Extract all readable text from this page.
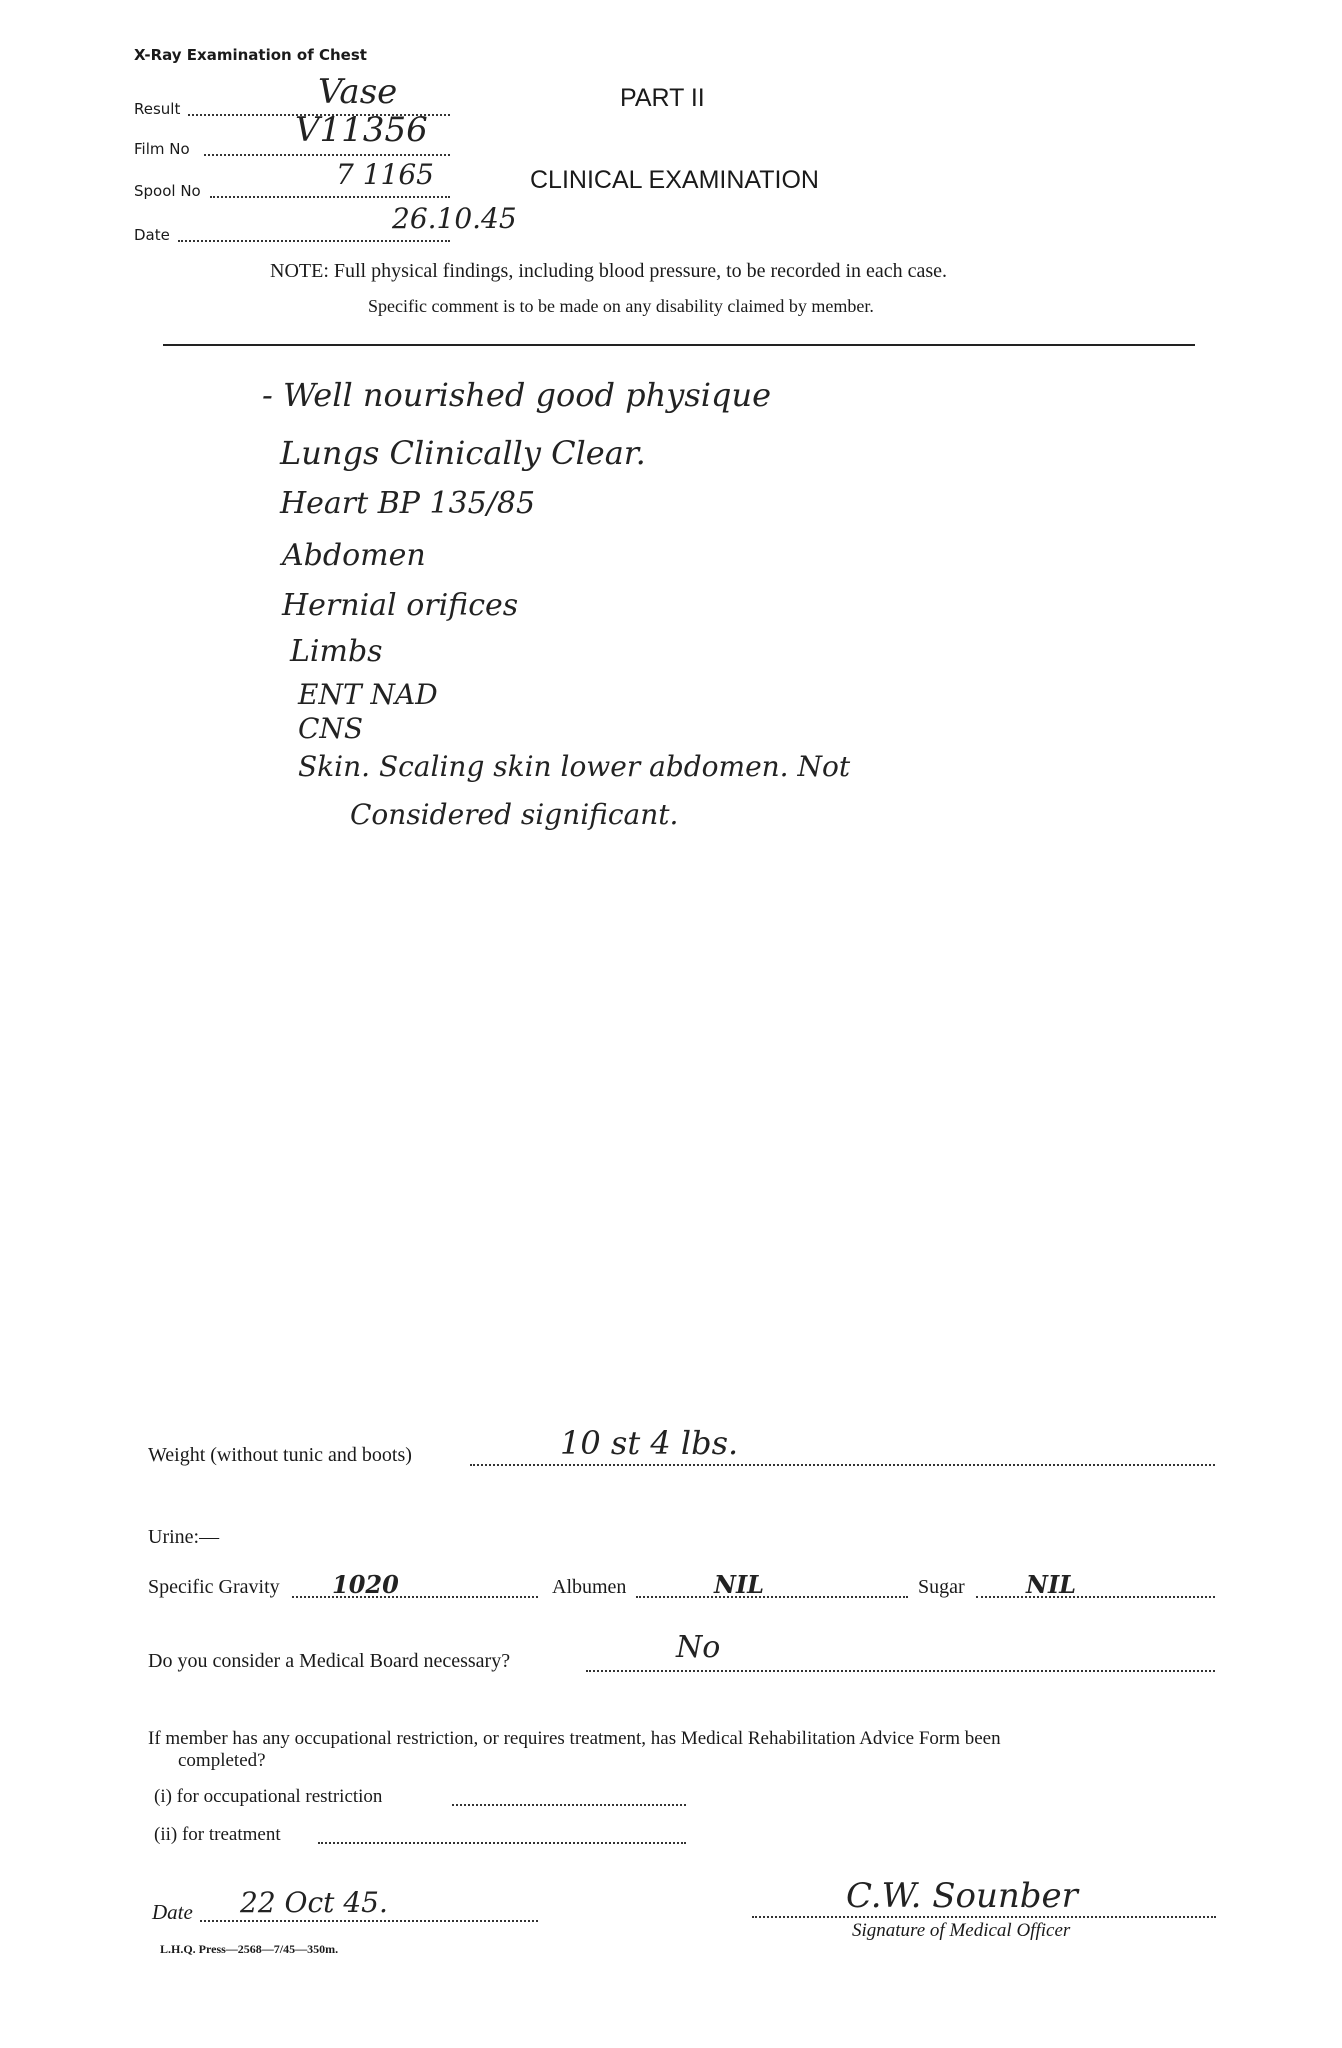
X-Ray Examination of Chest
Result	Vase
Film No	V11356
Spool No	7 1165
Date	26.10.45
PART II
CLINICAL EXAMINATION
NOTE: Full physical findings, including blood pressure, to be recorded in each case.
Specific comment is to be made on any disability claimed by member.
- Well nourished good physique
Lungs Clinically Clear.
Heart BP 135/85
Abdomen
Hernial orifices
Limbs
ENT NAD
CNS
Skin. Scaling skin lower abdomen. Not
Considered significant.
Weight (without tunic and boots)	10 st 4 lbs.
Urine:—
Specific Gravity 1020	Albumen	NIL	Sugar	NIL
Do you consider a Medical Board necessary?	No
If member has any occupational restriction, or requires treatment, has Medical Rehabilitation Advice Form been
completed?
(i) for occupational restriction
(ii) for treatment
Date 22 Oct 45.	C.W. Sounber
Signature of Medical Officer
L.H.Q. Press—2568—7/45—350m.
